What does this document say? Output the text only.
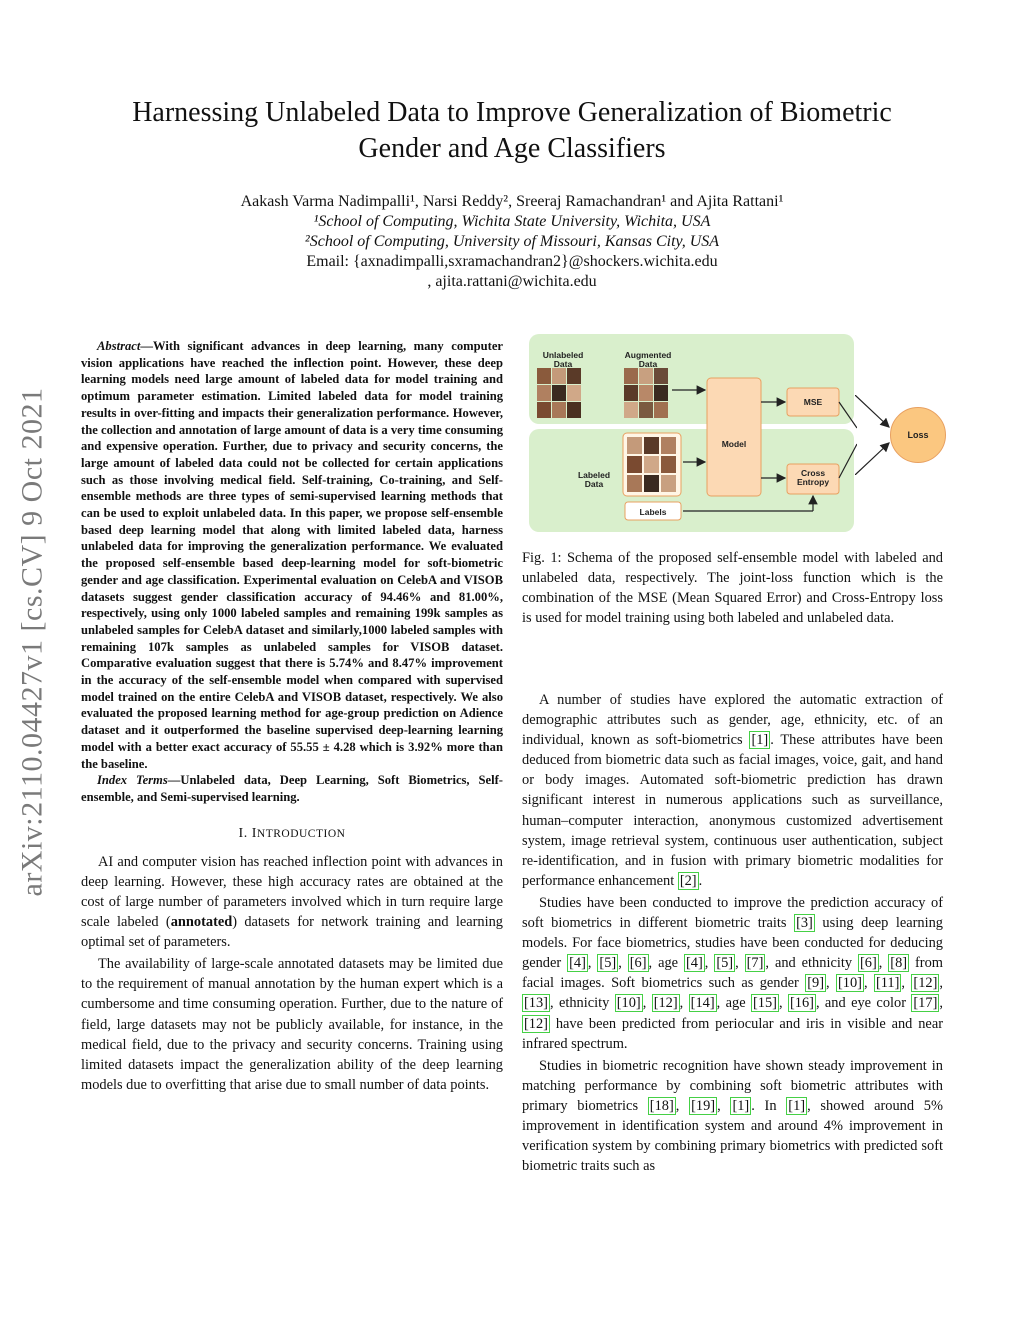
arXiv:2110.04427v1 [cs.CV] 9 Oct 2021
Harnessing Unlabeled Data to Improve Generalization of Biometric
Gender and Age Classifiers
Aakash Varma Nadimpalli¹, Narsi Reddy², Sreeraj Ramachandran¹ and Ajita Rattani¹
¹School of Computing, Wichita State University, Wichita, USA
²School of Computing, University of Missouri, Kansas City, USA
Email: {axnadimpalli,sxramachandran2}@shockers.wichita.edu
, ajita.rattani@wichita.edu

Abstract—With significant advances in deep learning, many computer vision applications have reached the inflection point. However, these deep learning models need large amount of labeled data for model training and optimum parameter estimation. Limited labeled data for model training results in over-fitting and impacts their generalization performance. However, the collection and annotation of large amount of data is a very time consuming and expensive operation. Further, due to privacy and security concerns, the large amount of labeled data could not be collected for certain applications such as those involving medical field. Self-training, Co-training, and Self-ensemble methods are three types of semi-supervised learning methods that can be used to exploit unlabeled data. In this paper, we propose self-ensemble based deep learning model that along with limited labeled data, harness unlabeled data for improving the generalization performance. We evaluated the proposed self-ensemble based deep-learning model for soft-biometric gender and age classification. Experimental evaluation on CelebA and VISOB datasets suggest gender classification accuracy of 94.46% and 81.00%, respectively, using only 1000 labeled samples and remaining 199k samples as unlabeled samples for CelebA dataset and similarly,1000 labeled samples with remaining 107k samples as unlabeled samples for VISOB dataset. Comparative evaluation suggest that there is 5.74% and 8.47% improvement in the accuracy of the self-ensemble model when compared with supervised model trained on the entire CelebA and VISOB dataset, respectively. We also evaluated the proposed learning method for age-group prediction on Adience dataset and it outperformed the baseline supervised deep-learning learning model with a better exact accuracy of 55.55 ± 4.28 which is 3.92% more than the baseline.

Index Terms—Unlabeled data, Deep Learning, Soft Biometrics, Self-ensemble, and Semi-supervised learning.

I. INTRODUCTION

AI and computer vision has reached inflection point with advances in deep learning. However, these high accuracy rates are obtained at the cost of large number of parameters involved which in turn require large scale labeled (annotated) datasets for network training and learning optimal set of parameters.

The availability of large-scale annotated datasets may be limited due to the requirement of manual annotation by the human expert which is a cumbersome and time consuming operation. Further, due to the nature of field, large datasets may not be publicly available, for instance, in the medical field, due to the privacy and security concerns. Training using limited datasets impact the generalization ability of the deep learning models due to overfitting that arise due to small number of data points.

Unlabeled Data
Augmented Data
Labeled Data
Labels
Model
MSE
Cross Entropy
Loss
Fig. 1: Schema of the proposed self-ensemble model with labeled and unlabeled data, respectively. The joint-loss function which is the combination of the MSE (Mean Squared Error) and Cross-Entropy loss is used for model training using both labeled and unlabeled data.

A number of studies have explored the automatic extraction of demographic attributes such as gender, age, ethnicity, etc. of an individual, known as soft-biometrics [1] . These attributes have been deduced from biometric data such as facial images, voice, gait, and hand or body images. Automated soft-biometric prediction has drawn significant interest in numerous applications such as surveillance, human–computer interaction, anonymous customized advertisement system, image retrieval system, continuous user authentication, subject re-identification, and in fusion with primary biometric modalities for performance enhancement [2] .

Studies have been conducted to improve the prediction accuracy of soft biometrics in different biometric traits [3] using deep learning models. For face biometrics, studies have been conducted for deducing gender [4] , [5] , [6] , age [4] , [5] , [7] , and ethnicity [6] , [8] from facial images. Soft biometrics such as gender [9] , [10] , [11] , [12] , [13] , ethnicity [10] , [12] , [14] , age [15] , [16] , and eye color [17] , [12] have been predicted from periocular and iris in visible and near infrared spectrum.

Studies in biometric recognition have shown steady improvement in matching performance by combining soft biometric attributes with primary biometrics [18] , [19] , [1] . In [1] , showed around 5% improvement in identification system and around 4% improvement in verification system by combining primary biometrics with predicted soft biometric traits such as
